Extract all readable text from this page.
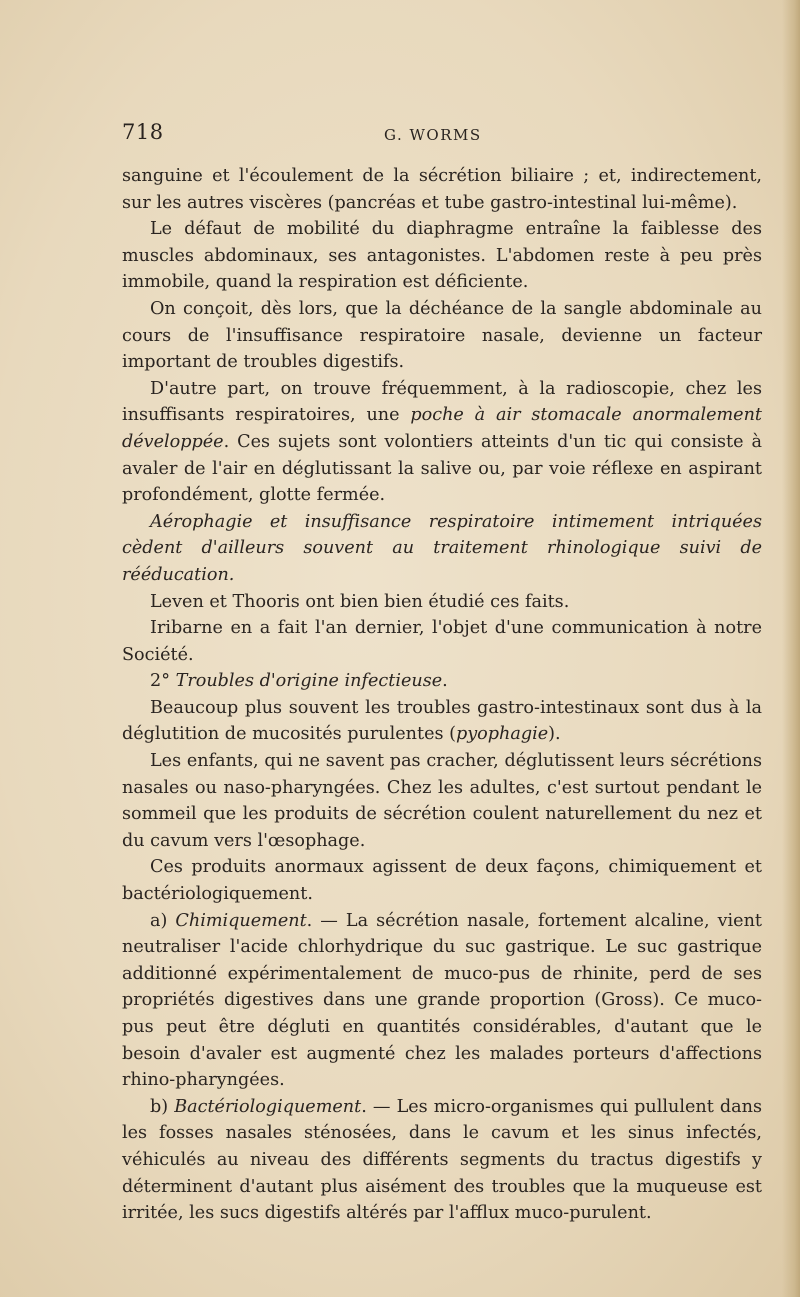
718	G. WORMS

sanguine et l'écoulement de la sécrétion biliaire ; et, indirectement, sur les autres viscères (pancréas et tube gastro-intestinal lui-même).

Le défaut de mobilité du diaphragme entraîne la faiblesse des muscles abdominaux, ses antagonistes. L'abdomen reste à peu près immobile, quand la respiration est déficiente.

On conçoit, dès lors, que la déchéance de la sangle abdominale au cours de l'insuffisance respiratoire nasale, devienne un facteur important de troubles digestifs.

D'autre part, on trouve fréquemment, à la radioscopie, chez les insuffisants respiratoires, une poche à air stomacale anormalement développée. Ces sujets sont volontiers atteints d'un tic qui consiste à avaler de l'air en déglutissant la salive ou, par voie réflexe en aspirant profondément, glotte fermée.

Aérophagie et insuffisance respiratoire intimement intriquées cèdent d'ailleurs souvent au traitement rhinologique suivi de rééducation.

Leven et Thooris ont bien bien étudié ces faits.

Iribarne en a fait l'an dernier, l'objet d'une communication à notre Société.

2° Troubles d'origine infectieuse.

Beaucoup plus souvent les troubles gastro-intestinaux sont dus à la déglutition de mucosités purulentes (pyophagie).

Les enfants, qui ne savent pas cracher, déglutissent leurs sécrétions nasales ou naso-pharyngées. Chez les adultes, c'est surtout pendant le sommeil que les produits de sécrétion coulent naturellement du nez et du cavum vers l'œsophage.

Ces produits anormaux agissent de deux façons, chimiquement et bactériologiquement.

a) Chimiquement. — La sécrétion nasale, fortement alcaline, vient neutraliser l'acide chlorhydrique du suc gastrique. Le suc gastrique additionné expérimentalement de muco-pus de rhinite, perd de ses propriétés digestives dans une grande proportion (Gross). Ce muco-pus peut être dégluti en quantités considérables, d'autant que le besoin d'avaler est augmenté chez les malades porteurs d'affections rhino-pharyngées.

b) Bactériologiquement. — Les micro-organismes qui pullulent dans les fosses nasales sténosées, dans le cavum et les sinus infectés, véhiculés au niveau des différents segments du tractus digestifs y déterminent d'autant plus aisément des troubles que la muqueuse est irritée, les sucs digestifs altérés par l'afflux muco-purulent.
